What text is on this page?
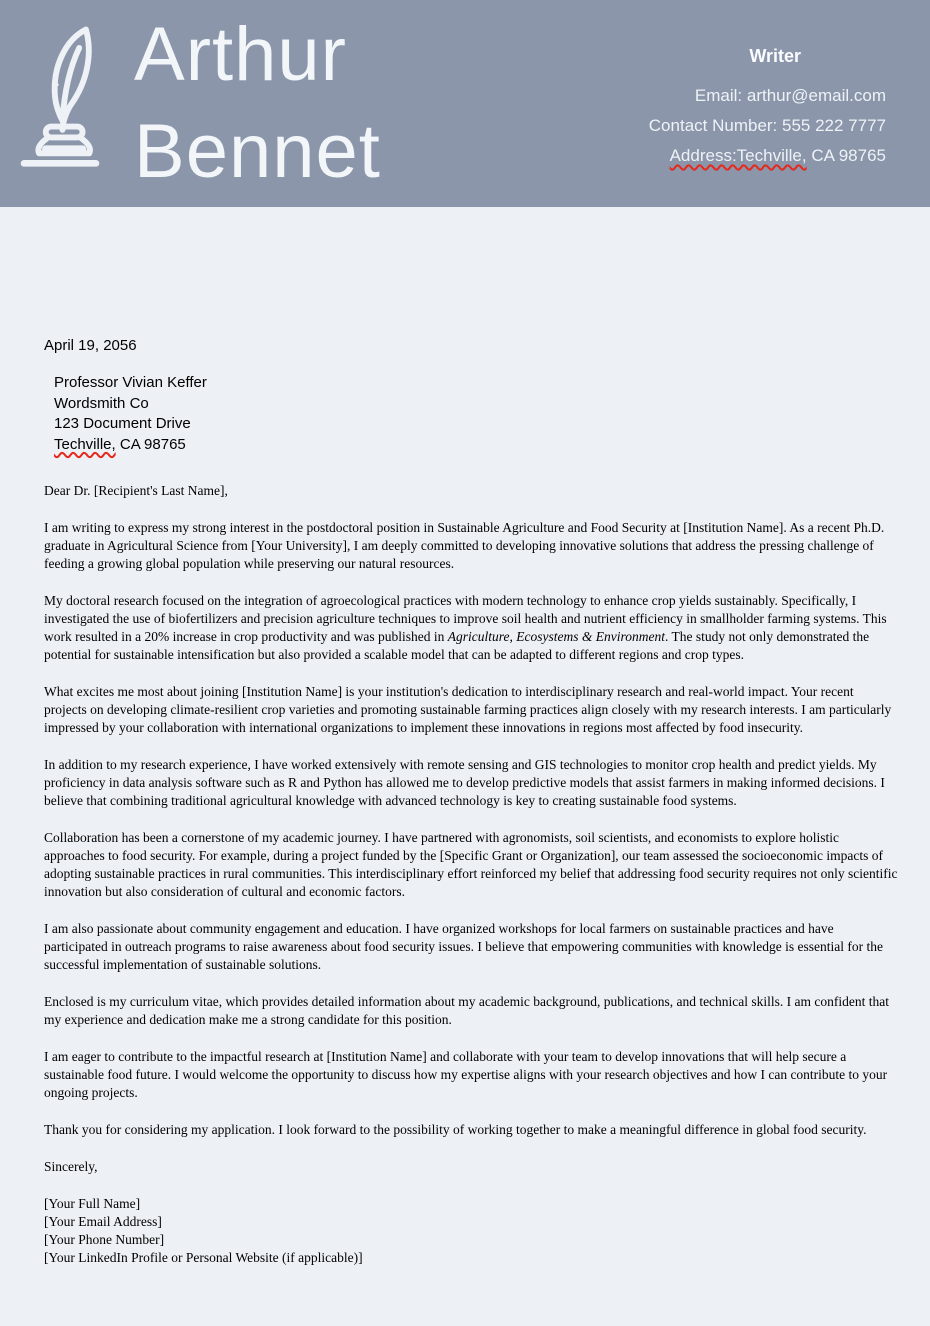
Arthur
Bennet
Writer
Email: arthur@email.com
Contact Number: 555 222 7777
Address:Techville, CA 98765

April 19, 2056

Professor Vivian Keffer
Wordsmith Co
123 Document Drive
Techville, CA 98765

Dear Dr. [Recipient's Last Name],

I am writing to express my strong interest in the postdoctoral position in Sustainable Agriculture and Food Security at [Institution Name]. As a recent Ph.D. graduate in Agricultural Science from [Your University], I am deeply committed to developing innovative solutions that address the pressing challenge of feeding a growing global population while preserving our natural resources.

My doctoral research focused on the integration of agroecological practices with modern technology to enhance crop yields sustainably. Specifically, I investigated the use of biofertilizers and precision agriculture techniques to improve soil health and nutrient efficiency in smallholder farming systems. This work resulted in a 20% increase in crop productivity and was published in Agriculture, Ecosystems & Environment. The study not only demonstrated the potential for sustainable intensification but also provided a scalable model that can be adapted to different regions and crop types.

What excites me most about joining [Institution Name] is your institution's dedication to interdisciplinary research and real-world impact. Your recent projects on developing climate-resilient crop varieties and promoting sustainable farming practices align closely with my research interests. I am particularly impressed by your collaboration with international organizations to implement these innovations in regions most affected by food insecurity.

In addition to my research experience, I have worked extensively with remote sensing and GIS technologies to monitor crop health and predict yields. My proficiency in data analysis software such as R and Python has allowed me to develop predictive models that assist farmers in making informed decisions. I believe that combining traditional agricultural knowledge with advanced technology is key to creating sustainable food systems.

Collaboration has been a cornerstone of my academic journey. I have partnered with agronomists, soil scientists, and economists to explore holistic approaches to food security. For example, during a project funded by the [Specific Grant or Organization], our team assessed the socioeconomic impacts of adopting sustainable practices in rural communities. This interdisciplinary effort reinforced my belief that addressing food security requires not only scientific innovation but also consideration of cultural and economic factors.

I am also passionate about community engagement and education. I have organized workshops for local farmers on sustainable practices and have participated in outreach programs to raise awareness about food security issues. I believe that empowering communities with knowledge is essential for the successful implementation of sustainable solutions.

Enclosed is my curriculum vitae, which provides detailed information about my academic background, publications, and technical skills. I am confident that my experience and dedication make me a strong candidate for this position.

I am eager to contribute to the impactful research at [Institution Name] and collaborate with your team to develop innovations that will help secure a sustainable food future. I would welcome the opportunity to discuss how my expertise aligns with your research objectives and how I can contribute to your ongoing projects.

Thank you for considering my application. I look forward to the possibility of working together to make a meaningful difference in global food security.

Sincerely,

[Your Full Name]
[Your Email Address]
[Your Phone Number]
[Your LinkedIn Profile or Personal Website (if applicable)]
